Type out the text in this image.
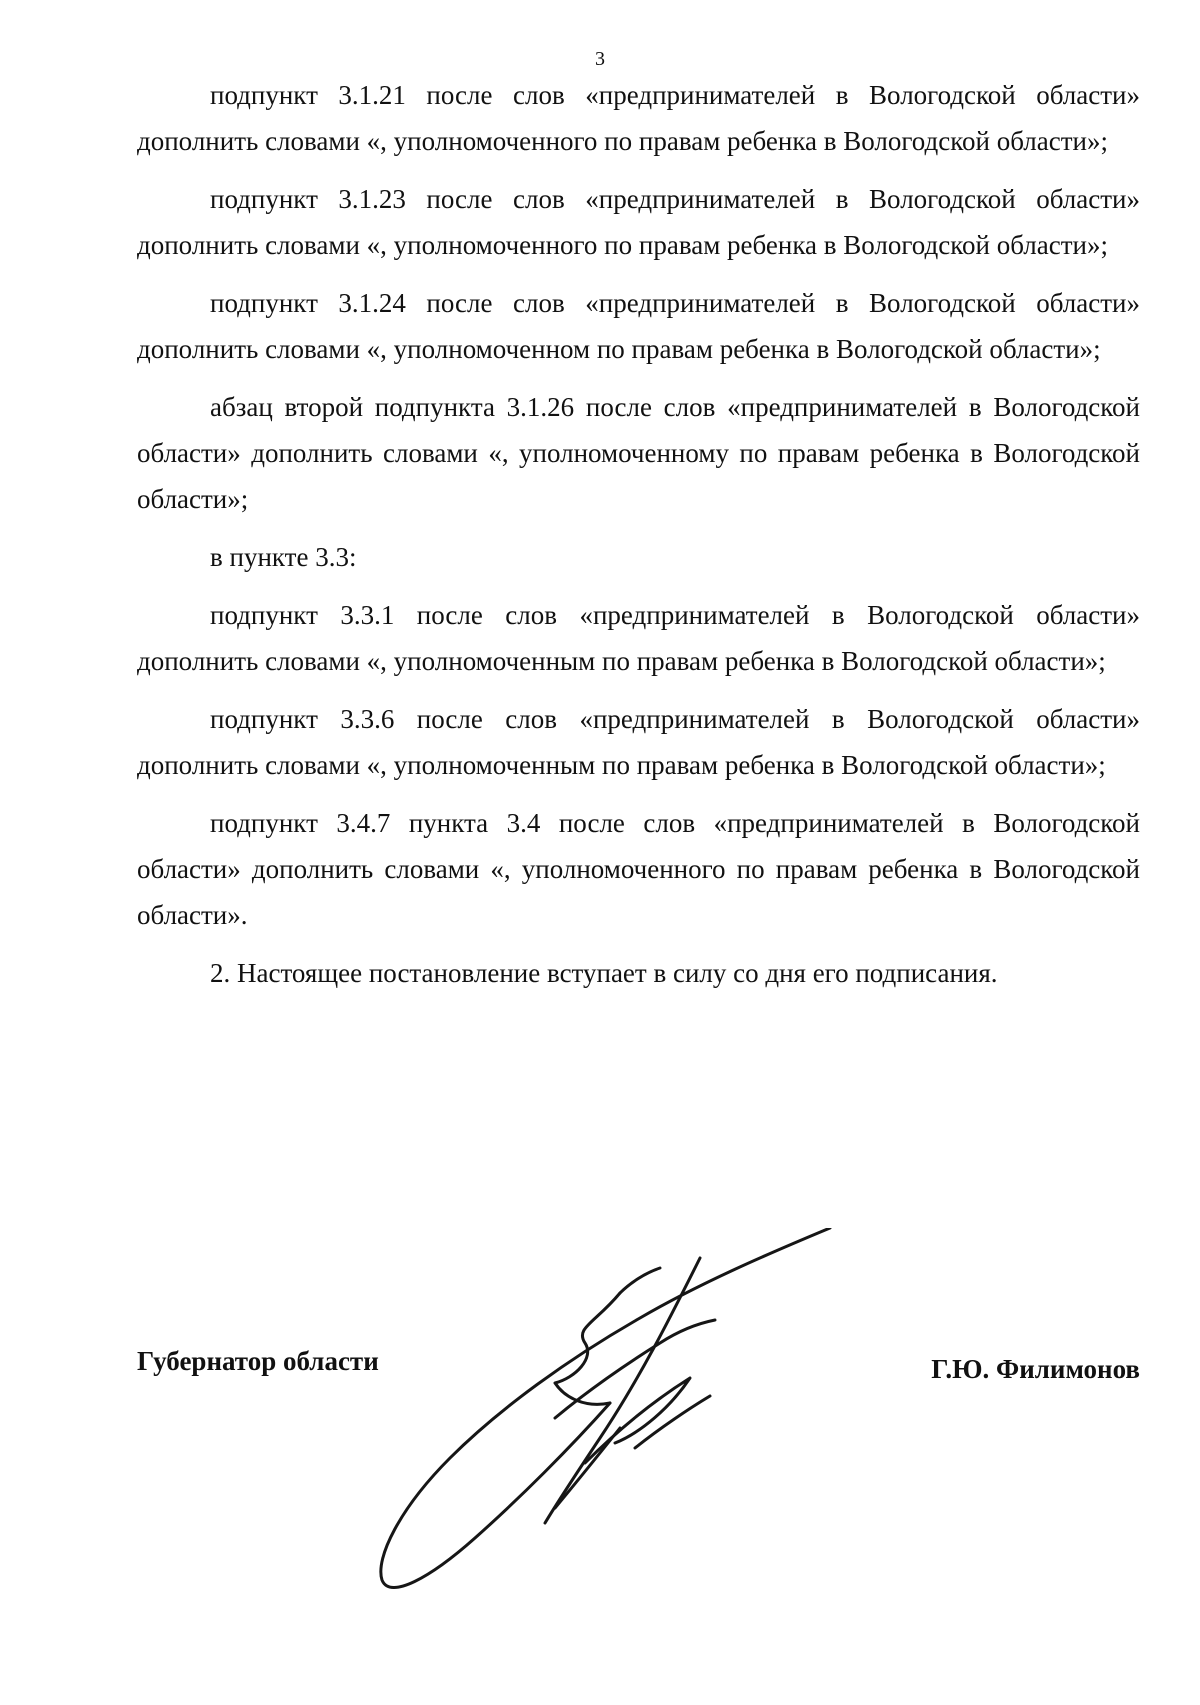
3

подпункт 3.1.21 после слов «предпринимателей в Вологодской области» дополнить словами «, уполномоченного по правам ребенка в Вологодской области»;

подпункт 3.1.23 после слов «предпринимателей в Вологодской области» дополнить словами «, уполномоченного по правам ребенка в Вологодской области»;

подпункт 3.1.24 после слов «предпринимателей в Вологодской области» дополнить словами «, уполномоченном по правам ребенка в Вологодской области»;

абзац второй подпункта 3.1.26 после слов «предпринимателей в Вологодской области» дополнить словами «, уполномоченному по правам ребенка в Вологодской области»;

в пункте 3.3:

подпункт 3.3.1 после слов «предпринимателей в Вологодской области» дополнить словами «, уполномоченным по правам ребенка в Вологодской области»;

подпункт 3.3.6 после слов «предпринимателей в Вологодской области» дополнить словами «, уполномоченным по правам ребенка в Вологодской области»;

подпункт 3.4.7 пункта 3.4 после слов «предпринимателей в Вологодской области» дополнить словами «, уполномоченного по правам ребенка в Вологодской области».

2. Настоящее постановление вступает в силу со дня его подписания.

Губернатор области	Г.Ю. Филимонов
